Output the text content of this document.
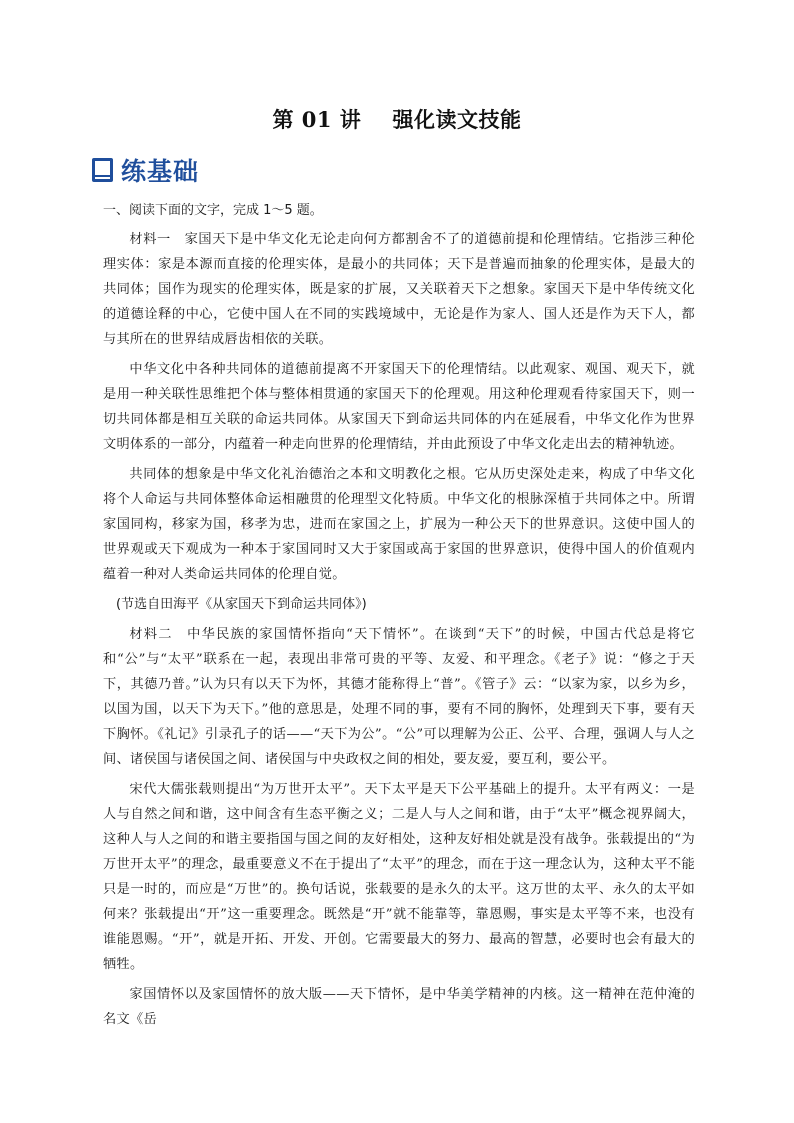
第 01 讲    强化读文技能
练基础

一、阅读下面的文字，完成 1～5 题。

材料一　家国天下是中华文化无论走向何方都割舍不了的道德前提和伦理情结。它指涉三种伦理实体：家是本源而直接的伦理实体，是最小的共同体；天下是普遍而抽象的伦理实体，是最大的共同体；国作为现实的伦理实体，既是家的扩展，又关联着天下之想象。家国天下是中华传统文化的道德诠释的中心，它使中国人在不同的实践境域中，无论是作为家人、国人还是作为天下人，都与其所在的世界结成唇齿相依的关联。

中华文化中各种共同体的道德前提离不开家国天下的伦理情结。以此观家、观国、观天下，就是用一种关联性思维把个体与整体相贯通的家国天下的伦理观。用这种伦理观看待家国天下，则一切共同体都是相互关联的命运共同体。从家国天下到命运共同体的内在延展看，中华文化作为世界文明体系的一部分，内蕴着一种走向世界的伦理情结，并由此预设了中华文化走出去的精神轨迹。

共同体的想象是中华文化礼治德治之本和文明教化之根。它从历史深处走来，构成了中华文化将个人命运与共同体整体命运相融贯的伦理型文化特质。中华文化的根脉深植于共同体之中。所谓家国同构，移家为国，移孝为忠，进而在家国之上，扩展为一种公天下的世界意识。这使中国人的世界观或天下观成为一种本于家国同时又大于家国或高于家国的世界意识，使得中国人的价值观内蕴着一种对人类命运共同体的伦理自觉。

(节选自田海平《从家国天下到命运共同体》)

材料二　中华民族的家国情怀指向“天下情怀”。在谈到“天下”的时候，中国古代总是将它和“公”与“太平”联系在一起，表现出非常可贵的平等、友爱、和平理念。《老子》说：“修之于天下，其德乃普。”认为只有以天下为怀，其德才能称得上“普”。《管子》云：“以家为家，以乡为乡，以国为国，以天下为天下。”他的意思是，处理不同的事，要有不同的胸怀，处理到天下事，要有天下胸怀。《礼记》引录孔子的话——“天下为公”。“公”可以理解为公正、公平、合理，强调人与人之间、诸侯国与诸侯国之间、诸侯国与中央政权之间的相处，要友爱，要互利，要公平。

宋代大儒张载则提出“为万世开太平”。天下太平是天下公平基础上的提升。太平有两义：一是人与自然之间和谐，这中间含有生态平衡之义；二是人与人之间和谐，由于“太平”概念视界阔大，这种人与人之间的和谐主要指国与国之间的友好相处，这种友好相处就是没有战争。张载提出的“为万世开太平”的理念，最重要意义不在于提出了“太平”的理念，而在于这一理念认为，这种太平不能只是一时的，而应是“万世”的。换句话说，张载要的是永久的太平。这万世的太平、永久的太平如何来？张载提出“开”这一重要理念。既然是“开”就不能靠等，靠恩赐，事实是太平等不来，也没有谁能恩赐。“开”，就是开拓、开发、开创。它需要最大的努力、最高的智慧，必要时也会有最大的牺牲。

家国情怀以及家国情怀的放大版——天下情怀，是中华美学精神的内核。这一精神在范仲淹的名文《岳
